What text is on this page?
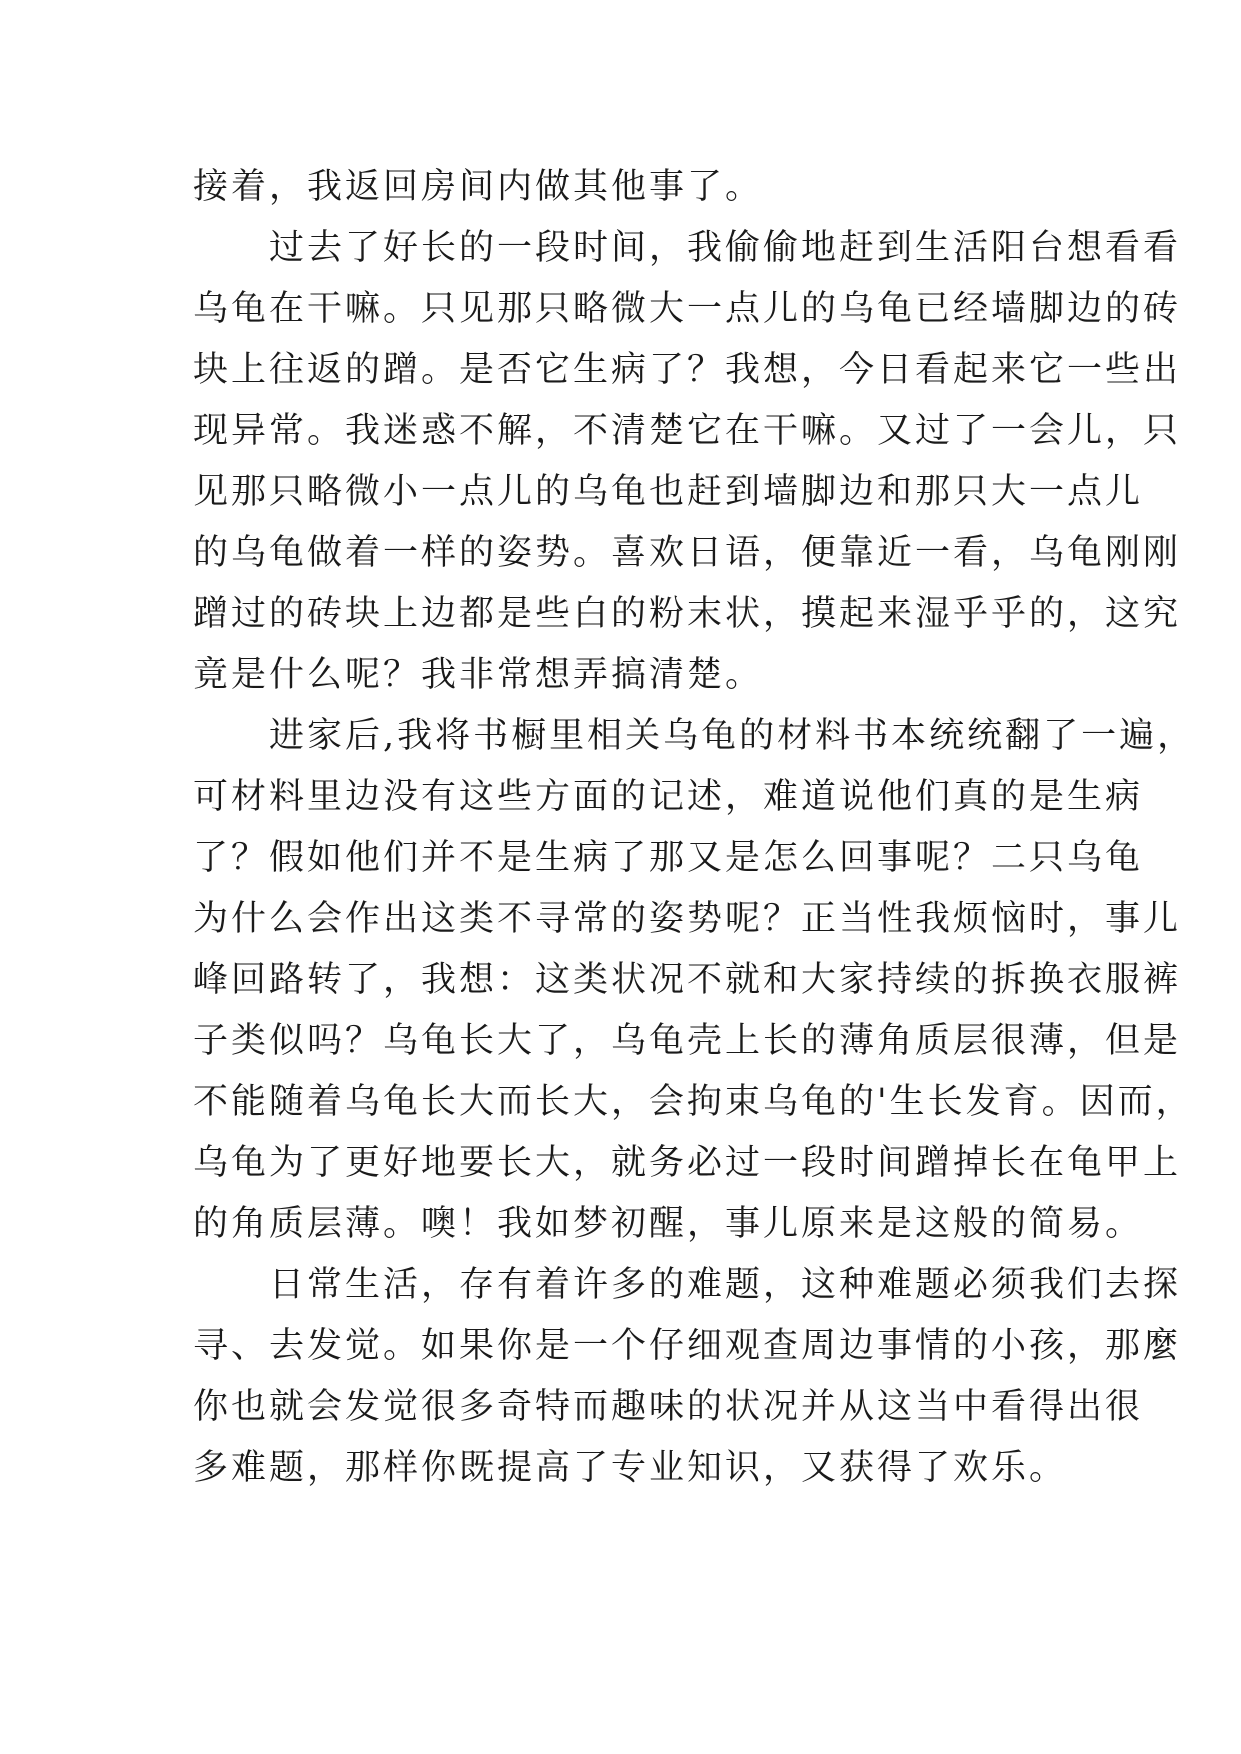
接着，我返回房间内做其他事了。
　　过去了好长的一段时间，我偷偷地赶到生活阳台想看看
乌龟在干嘛。只见那只略微大一点儿的乌龟已经墙脚边的砖
块上往返的蹭。是否它生病了？我想，今日看起来它一些出
现异常。我迷惑不解，不清楚它在干嘛。又过了一会儿，只
见那只略微小一点儿的乌龟也赶到墙脚边和那只大一点儿
的乌龟做着一样的姿势。喜欢日语，便靠近一看，乌龟刚刚
蹭过的砖块上边都是些白的粉末状，摸起来湿乎乎的，这究
竟是什么呢？我非常想弄搞清楚。
　　进家后,我将书橱里相关乌龟的材料书本统统翻了一遍，
可材料里边没有这些方面的记述，难道说他们真的是生病
了？假如他们并不是生病了那又是怎么回事呢？二只乌龟
为什么会作出这类不寻常的姿势呢？正当性我烦恼时，事儿
峰回路转了，我想：这类状况不就和大家持续的拆换衣服裤
子类似吗？乌龟长大了，乌龟壳上长的薄角质层很薄，但是
不能随着乌龟长大而长大，会拘束乌龟的'生长发育。因而，
乌龟为了更好地要长大，就务必过一段时间蹭掉长在龟甲上
的角质层薄。噢！我如梦初醒，事儿原来是这般的简易。
　　日常生活，存有着许多的难题，这种难题必须我们去探
寻、去发觉。如果你是一个仔细观查周边事情的小孩，那麼
你也就会发觉很多奇特而趣味的状况并从这当中看得出很
多难题，那样你既提高了专业知识，又获得了欢乐。
